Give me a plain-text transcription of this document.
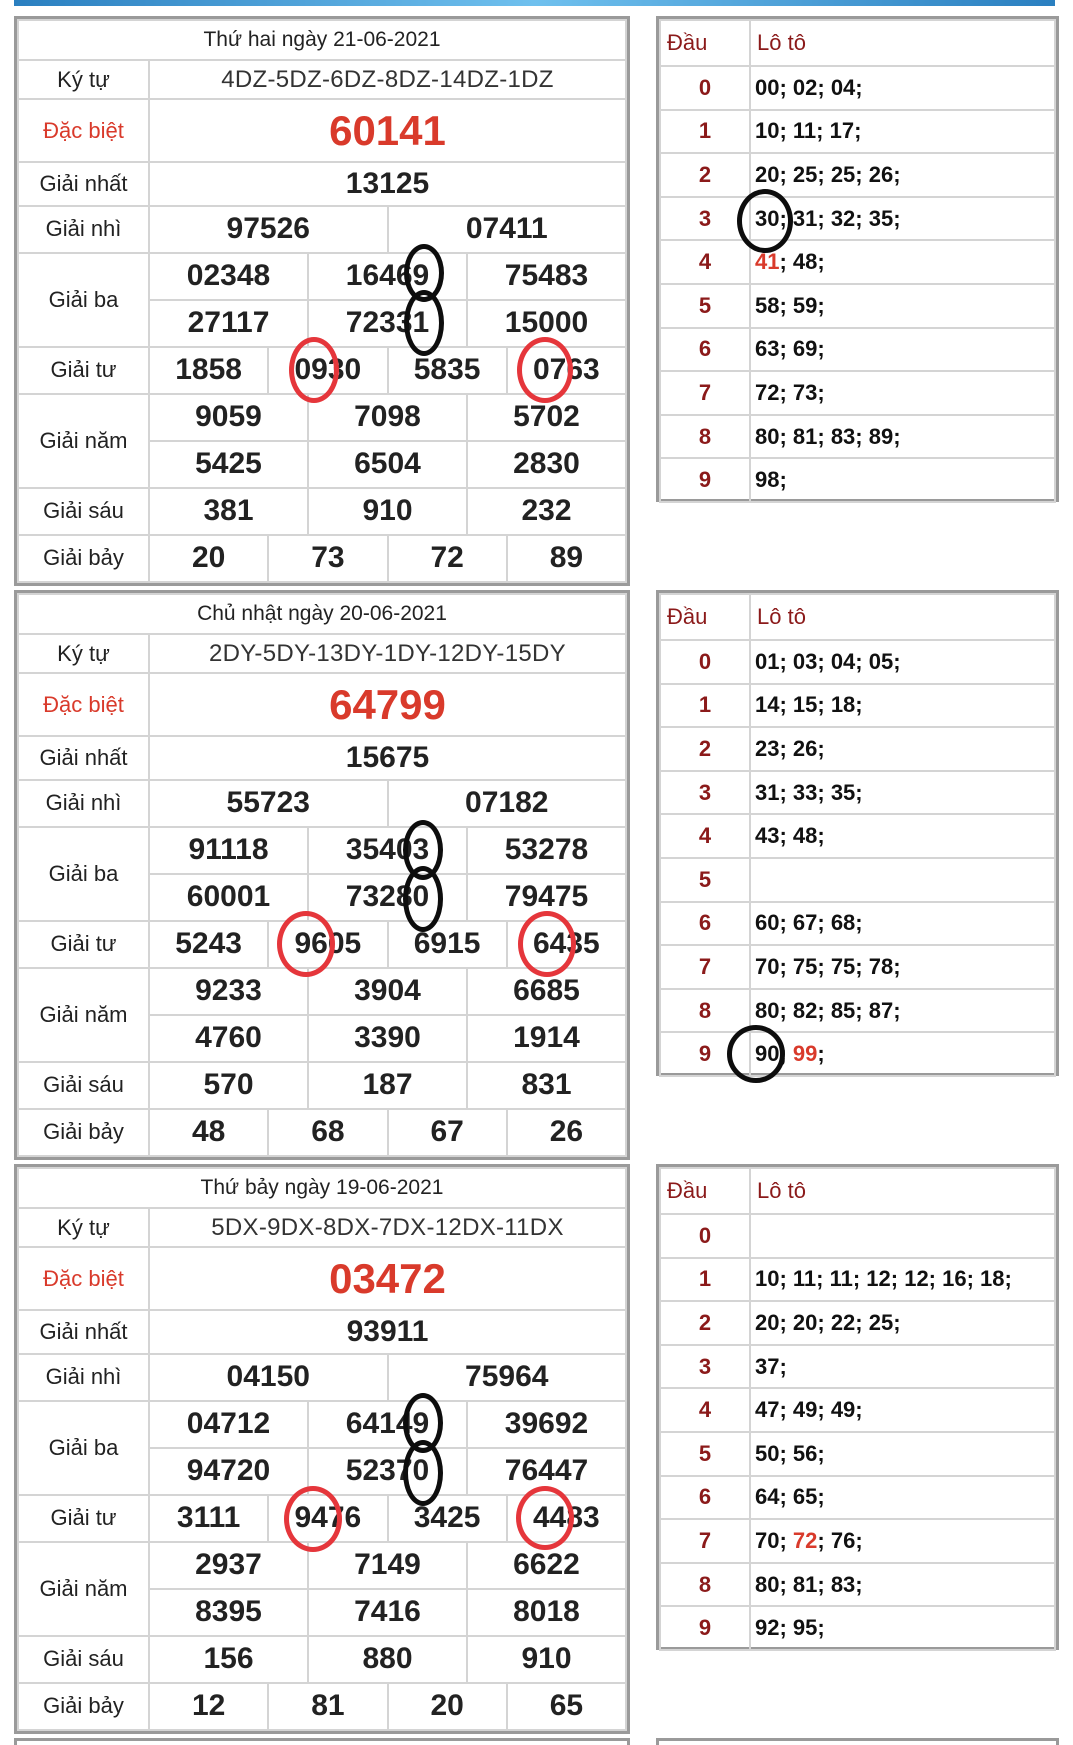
Thứ hai ngày 21-06-2021						
Ký tự	4DZ-5DZ-6DZ-8DZ-14DZ-1DZ					
Đặc biệt	60141					
Giải nhất	13125					
Giải nhì	97526			07411		
Giải ba	02348		16469		75483	
	27117		72331		15000	
Giải tư	1858	0930		5835		0763
Giải năm	9059		7098		5702	
	5425		6504		2830	
Giải sáu	381		910		232	
Giải bảy	20	73		72		89
Đầu	Lô tô
0	00; 02; 04;
1	10; 11; 17;
2	20; 25; 25; 26;
3	30; 31; 32; 35;
4	41; 48;
5	58; 59;
6	63; 69;
7	72; 73;
8	80; 81; 83; 89;
9	98;
Chủ nhật ngày 20-06-2021						
Ký tự	2DY-5DY-13DY-1DY-12DY-15DY					
Đặc biệt	64799					
Giải nhất	15675					
Giải nhì	55723			07182		
Giải ba	91118		35403		53278	
	60001		73280		79475	
Giải tư	5243	9605		6915		6435
Giải năm	9233		3904		6685	
	4760		3390		1914	
Giải sáu	570		187		831	
Giải bảy	48	68		67		26
Đầu	Lô tô
0	01; 03; 04; 05;
1	14; 15; 18;
2	23; 26;
3	31; 33; 35;
4	43; 48;
5	
6	60; 67; 68;
7	70; 75; 75; 78;
8	80; 82; 85; 87;
9	90; 99;
Thứ bảy ngày 19-06-2021						
Ký tự	5DX-9DX-8DX-7DX-12DX-11DX					
Đặc biệt	03472					
Giải nhất	93911					
Giải nhì	04150			75964		
Giải ba	04712		64149		39692	
	94720		52370		76447	
Giải tư	3111	9476		3425		4483
Giải năm	2937		7149		6622	
	8395		7416		8018	
Giải sáu	156		880		910	
Giải bảy	12	81		20		65
Đầu	Lô tô
0	
1	10; 11; 11; 12; 12; 16; 18;
2	20; 20; 22; 25;
3	37;
4	47; 49; 49;
5	50; 56;
6	64; 65;
7	70; 72; 76;
8	80; 81; 83;
9	92; 95;
